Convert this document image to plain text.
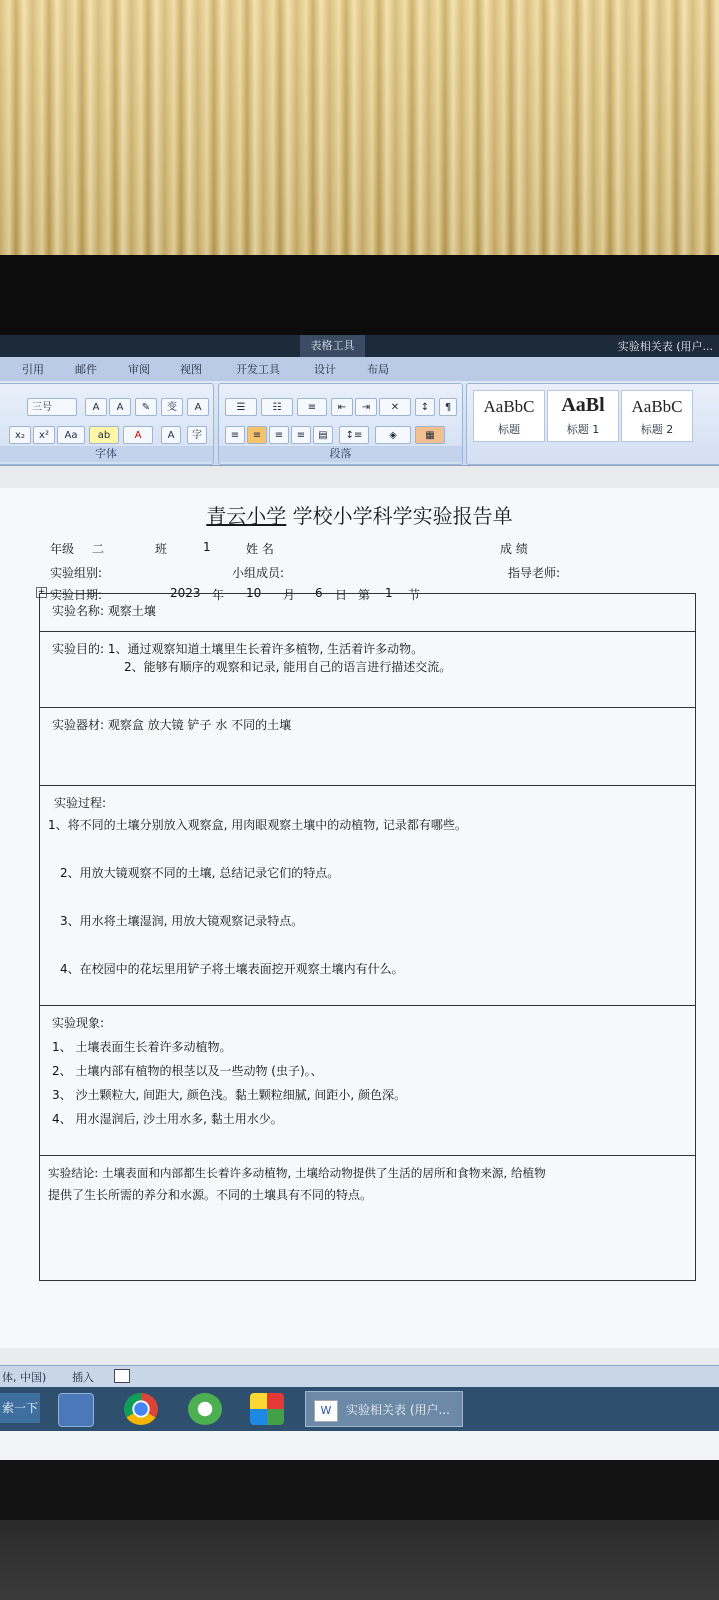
表格工具	实验相关表 (用户...
引用	邮件	审阅	视图	开发工具	设计	布局
三号	A	A	✎	变	A
x₂	x²	Aa	ab	A	A	字
字体
☰	☷	≡	⇤	⇥	✕	↕	¶
≡	≡	≡	≡	▤	↕≡	◈	▦
段落
AaBbC
标题
AaBl
标题 1
AaBbC
标题 2
青云小学 学校小学科学实验报告单
年级 二	班	1	姓 名	成 绩
实验组别:	小组成员:	指导老师:
+ 实验日期:	2023 年 10 月 6 日 第 1 节
实验名称: 观察土壤
实验目的: 1、通过观察知道土壤里生长着许多植物, 生活着许多动物。
2、能够有顺序的观察和记录, 能用自己的语言进行描述交流。
实验器材: 观察盒 放大镜 铲子 水 不同的土壤
实验过程:
1、将不同的土壤分别放入观察盒, 用肉眼观察土壤中的动植物, 记录都有哪些。
2、用放大镜观察不同的土壤, 总结记录它们的特点。
3、用水将土壤湿润, 用放大镜观察记录特点。
4、在校园中的花坛里用铲子将土壤表面挖开观察土壤内有什么。
实验现象:
1、 土壤表面生长着许多动植物。
2、 土壤内部有植物的根茎以及一些动物 (虫子)。、
3、 沙土颗粒大, 间距大, 颜色浅。黏土颗粒细腻, 间距小, 颜色深。
4、 用水湿润后, 沙土用水多, 黏土用水少。
实验结论: 土壤表面和内部都生长着许多动植物, 土壤给动物提供了生活的居所和食物来源, 给植物
提供了生长所需的养分和水源。不同的土壤具有不同的特点。
体, 中国) 插入
索一下	W	实验相关表 (用户...
